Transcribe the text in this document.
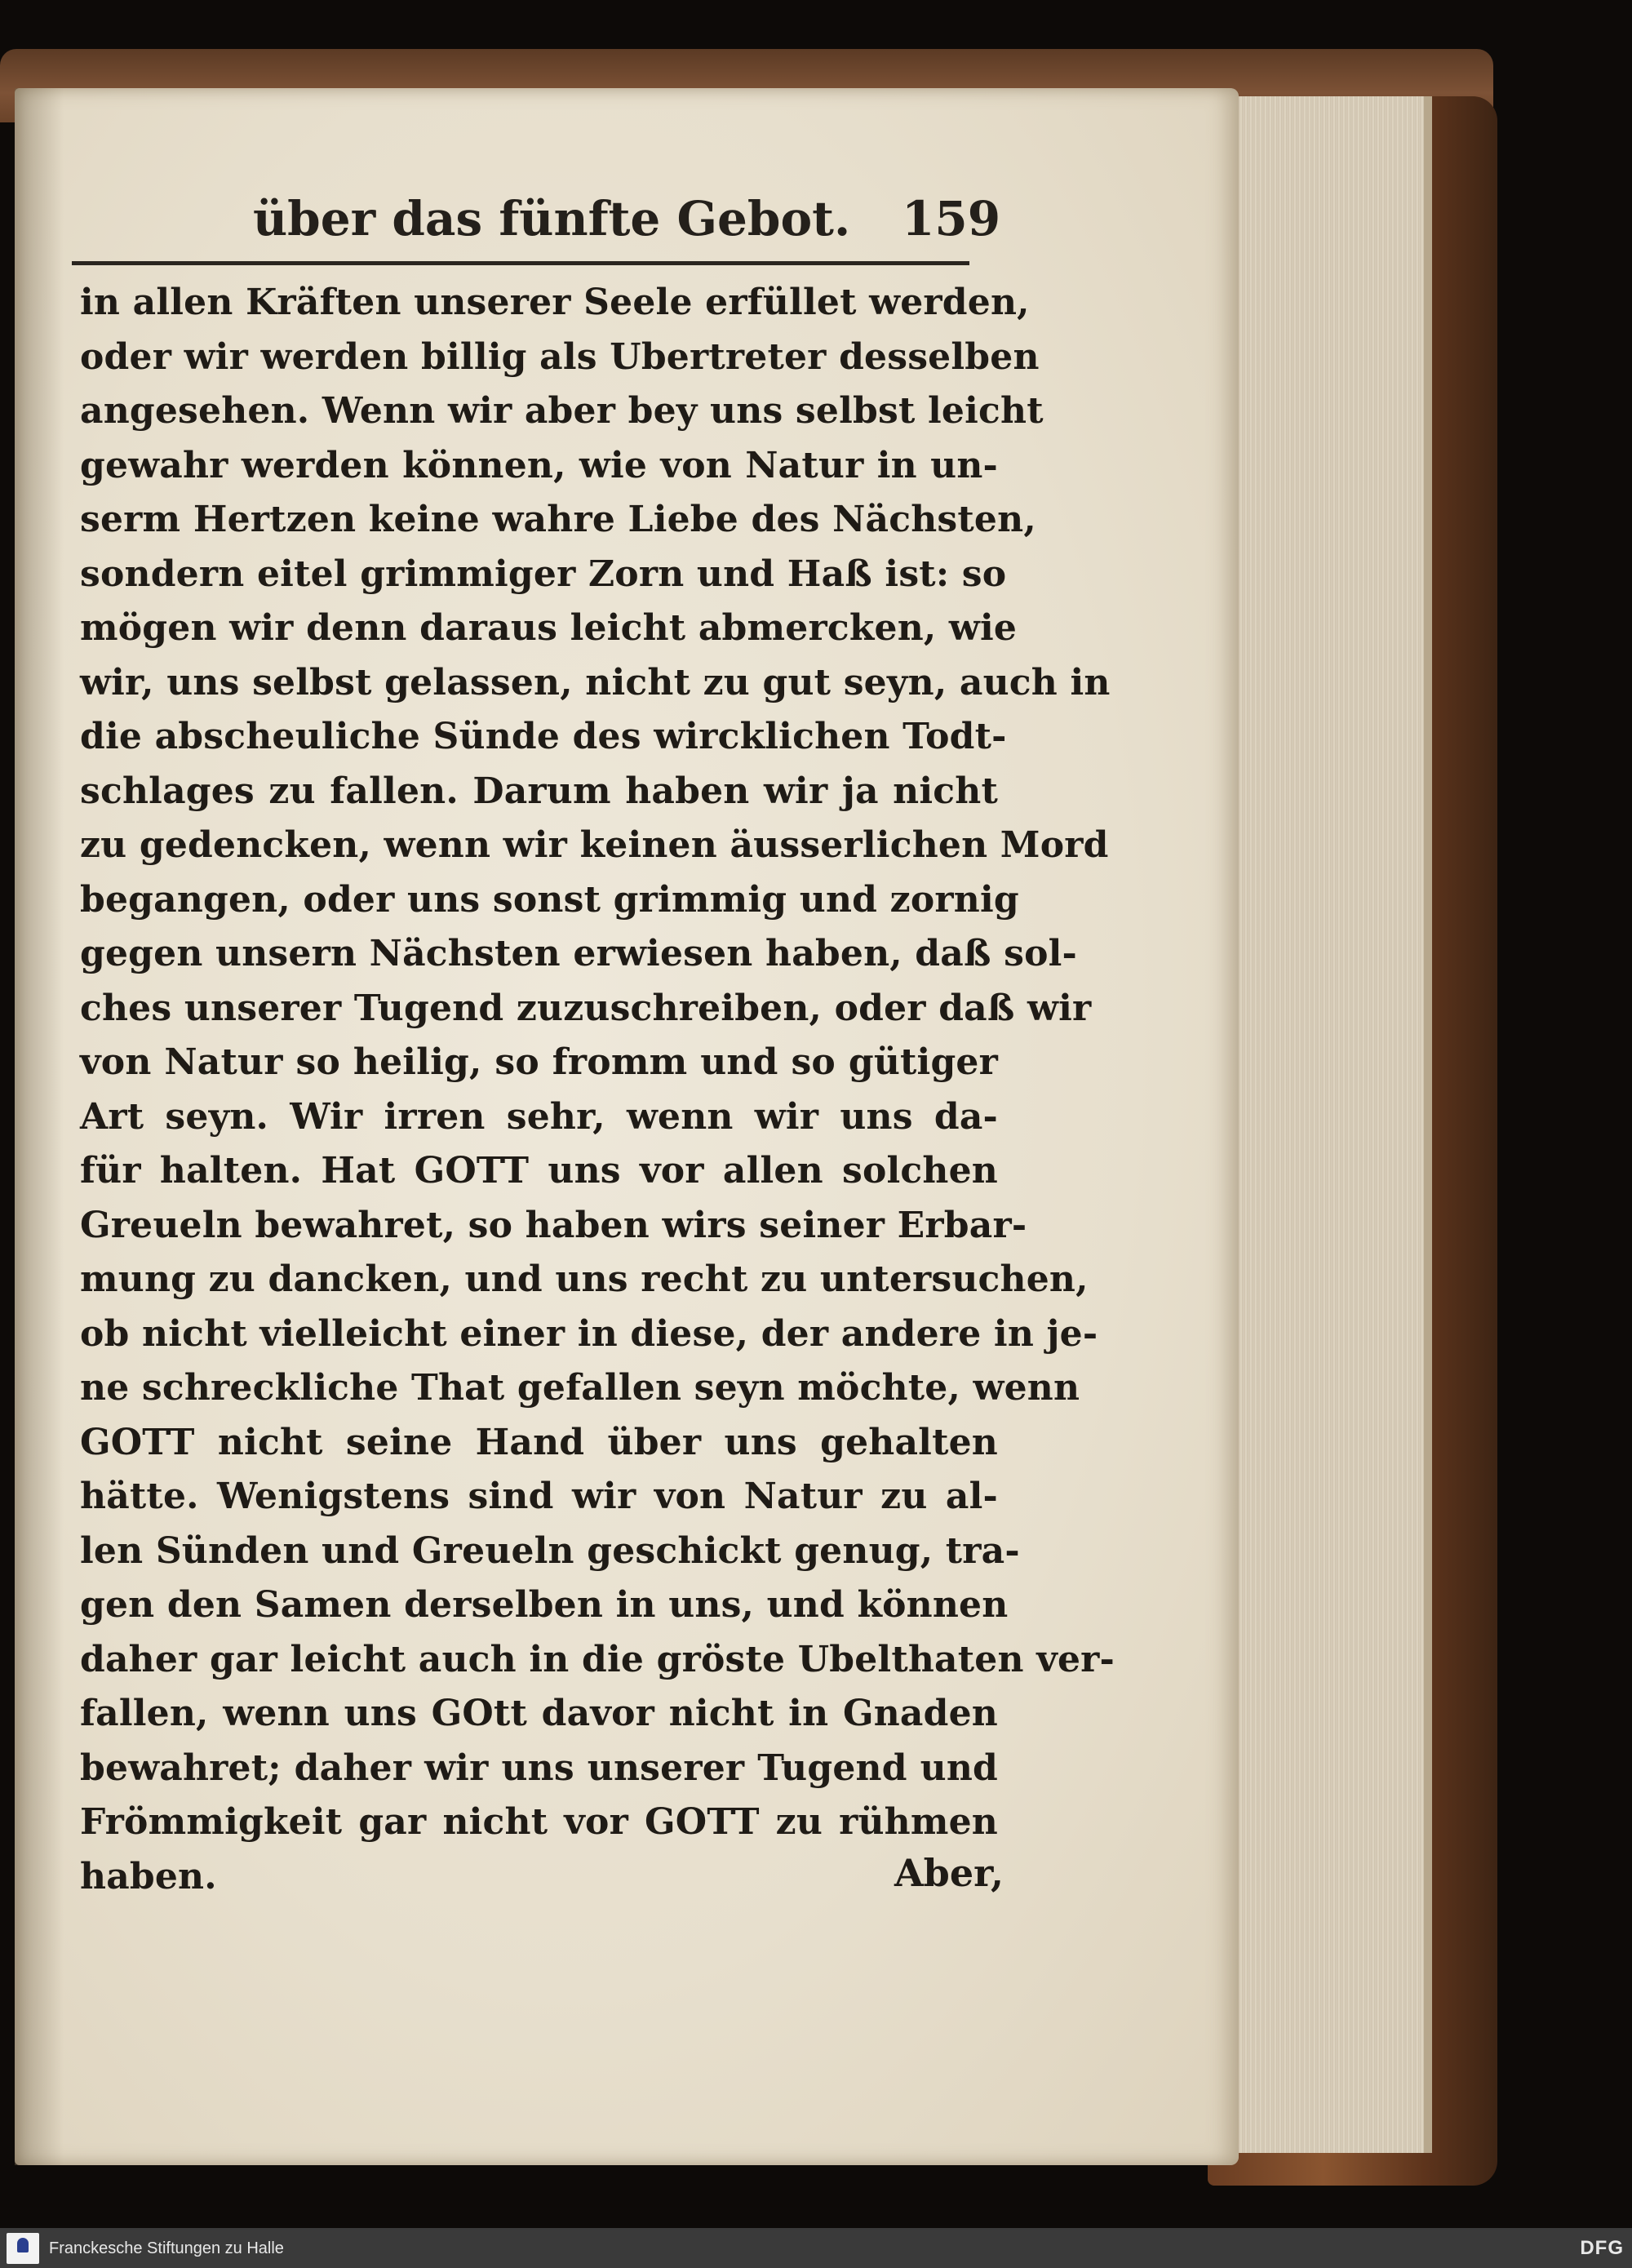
über das fünfte Gebot. 159
in allen Kräften unserer Seele erfüllet werden,
oder wir werden billig als Ubertreter desselben
angesehen. Wenn wir aber bey uns selbst leicht
gewahr werden können, wie von Natur in un-
serm Hertzen keine wahre Liebe des Nächsten,
sondern eitel grimmiger Zorn und Haß ist: so
mögen wir denn daraus leicht abmercken, wie
wir, uns selbst gelassen, nicht zu gut seyn, auch in
die abscheuliche Sünde des wircklichen Todt-
schlages zu fallen. Darum haben wir ja nicht
zu gedencken, wenn wir keinen äusserlichen Mord
begangen, oder uns sonst grimmig und zornig
gegen unsern Nächsten erwiesen haben, daß sol-
ches unserer Tugend zuzuschreiben, oder daß wir
von Natur so heilig, so fromm und so gütiger
Art seyn. Wir irren sehr, wenn wir uns da-
für halten. Hat GOTT uns vor allen solchen
Greueln bewahret, so haben wirs seiner Erbar-
mung zu dancken, und uns recht zu untersuchen,
ob nicht vielleicht einer in diese, der andere in je-
ne schreckliche That gefallen seyn möchte, wenn
GOTT nicht seine Hand über uns gehalten
hätte. Wenigstens sind wir von Natur zu al-
len Sünden und Greueln geschickt genug, tra-
gen den Samen derselben in uns, und können
daher gar leicht auch in die gröste Ubelthaten ver-
fallen, wenn uns GOtt davor nicht in Gnaden
bewahret; daher wir uns unserer Tugend und
Frömmigkeit gar nicht vor GOTT zu rühmen
haben.	Aber,
Franckesche Stiftungen zu Halle	DFG
